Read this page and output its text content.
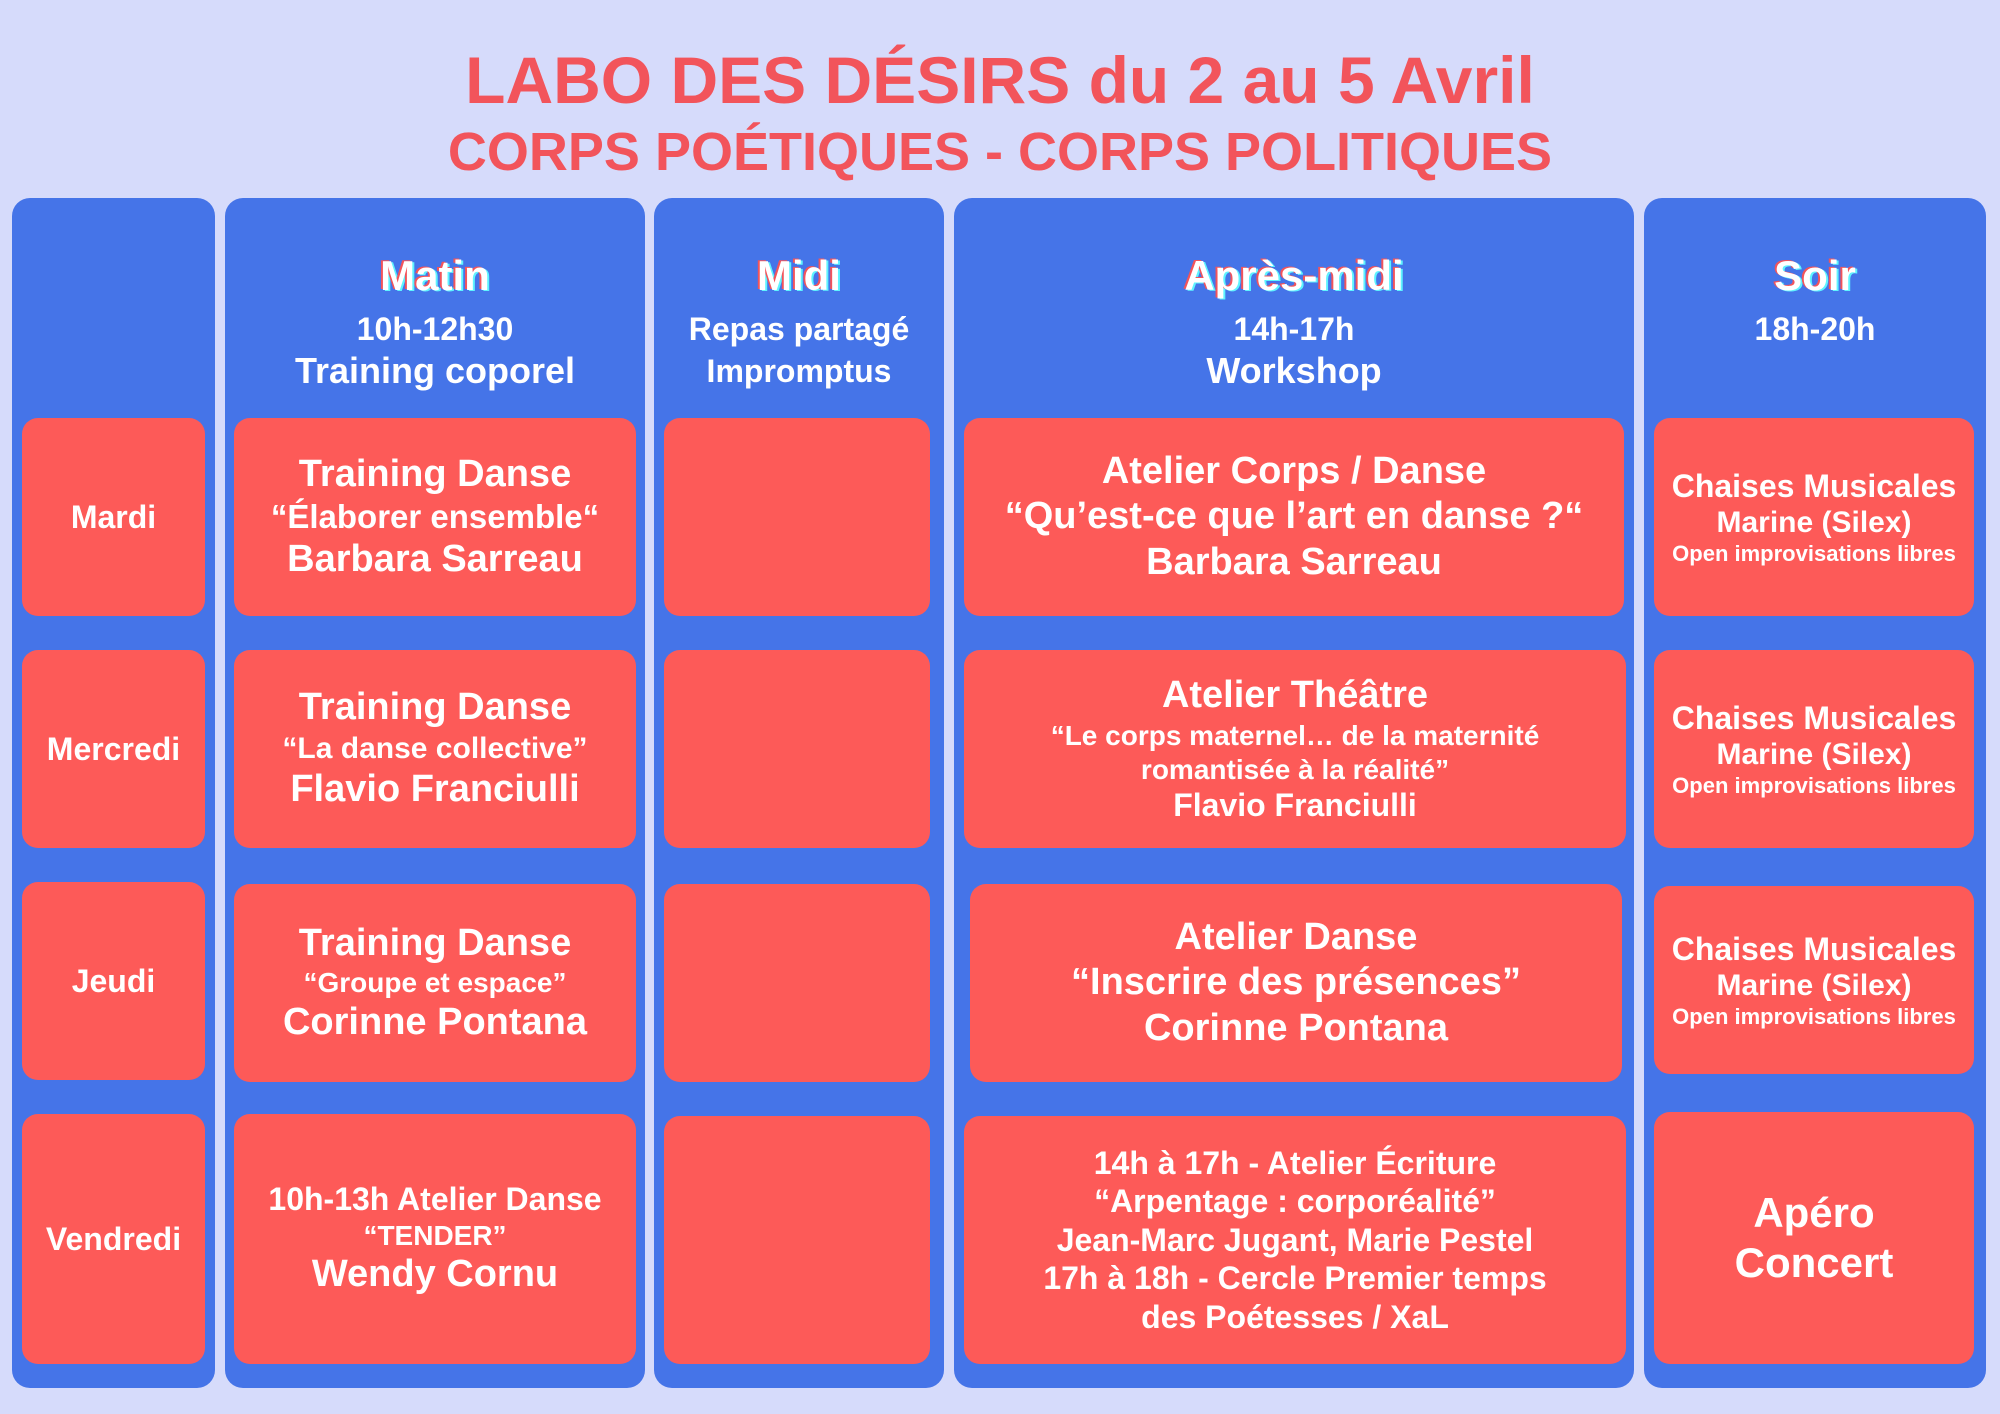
LABO DES DÉSIRS du 2 au 5 Avril
CORPS POÉTIQUES - CORPS POLITIQUES
Matin
10h-12h30
Training coporel
Midi
Repas partagé
Impromptus
Après-midi
14h-17h
Workshop
Soir
18h-20h
Mardi
Mercredi
Jeudi
Vendredi
Training Danse
“Élaborer ensemble“
Barbara Sarreau
Training Danse
“La danse collective”
Flavio Franciulli
Training Danse
“Groupe et espace”
Corinne Pontana
10h-13h Atelier Danse
“TENDER”
Wendy Cornu
Atelier Corps / Danse
“Qu’est-ce que l’art en danse ?“
Barbara Sarreau
Atelier Théâtre
“Le corps maternel… de la maternité
romantisée à la réalité”
Flavio Franciulli
Atelier Danse
“Inscrire des présences”
Corinne Pontana
14h à 17h - Atelier Écriture
“Arpentage : corporéalité”
Jean-Marc Jugant, Marie Pestel
17h à 18h - Cercle Premier temps
des Poétesses / XaL
Chaises Musicales
Marine (Silex)
Open improvisations libres
Chaises Musicales
Marine (Silex)
Open improvisations libres
Chaises Musicales
Marine (Silex)
Open improvisations libres
Apéro
Concert
